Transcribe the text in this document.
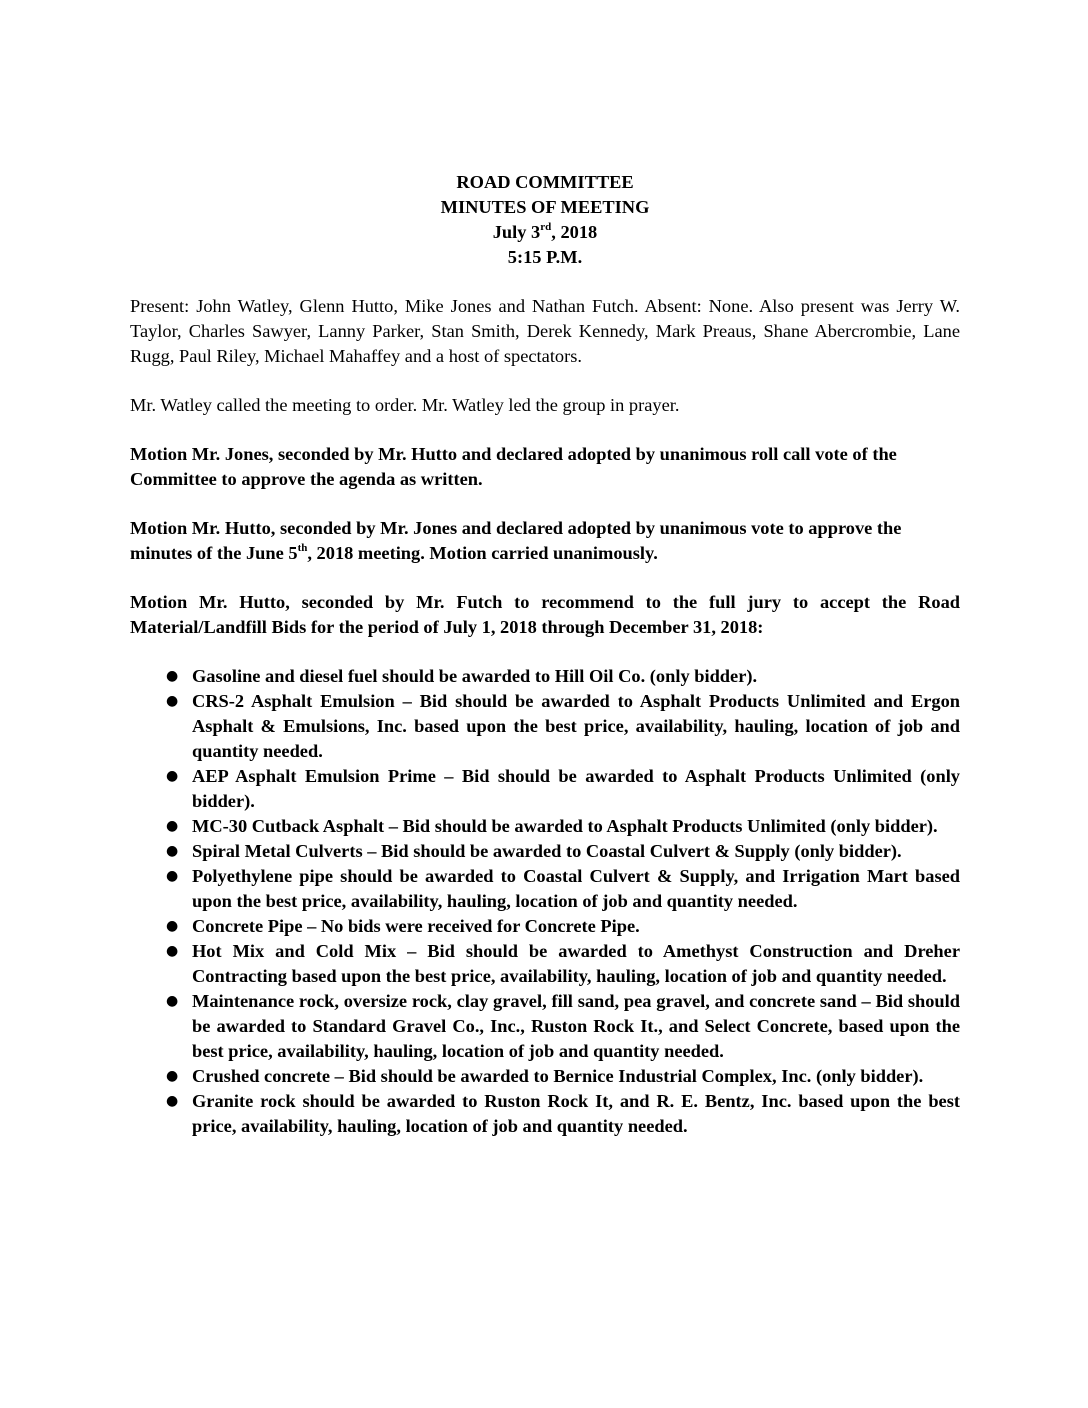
ROAD COMMITTEE
MINUTES OF MEETING
July 3rd, 2018
5:15 P.M.

Present: John Watley, Glenn Hutto, Mike Jones and Nathan Futch. Absent: None. Also present was Jerry W. Taylor, Charles Sawyer, Lanny Parker, Stan Smith, Derek Kennedy, Mark Preaus, Shane Abercrombie, Lane Rugg, Paul Riley, Michael Mahaffey and a host of spectators.

Mr. Watley called the meeting to order. Mr. Watley led the group in prayer.

Motion Mr. Jones, seconded by Mr. Hutto and declared adopted by unanimous roll call vote of the Committee to approve the agenda as written.

Motion Mr. Hutto, seconded by Mr. Jones and declared adopted by unanimous vote to approve the minutes of the June 5th, 2018 meeting. Motion carried unanimously.

Motion Mr. Hutto, seconded by Mr. Futch to recommend to the full jury to accept the Road Material/Landfill Bids for the period of July 1, 2018 through December 31, 2018:

● Gasoline and diesel fuel should be awarded to Hill Oil Co. (only bidder).
● CRS-2 Asphalt Emulsion – Bid should be awarded to Asphalt Products Unlimited and Ergon Asphalt & Emulsions, Inc. based upon the best price, availability, hauling, location of job and quantity needed.
● AEP Asphalt Emulsion Prime – Bid should be awarded to Asphalt Products Unlimited (only bidder).
● MC-30 Cutback Asphalt – Bid should be awarded to Asphalt Products Unlimited (only bidder).
● Spiral Metal Culverts – Bid should be awarded to Coastal Culvert & Supply (only bidder).
● Polyethylene pipe should be awarded to Coastal Culvert & Supply, and Irrigation Mart based upon the best price, availability, hauling, location of job and quantity needed.
● Concrete Pipe – No bids were received for Concrete Pipe.
● Hot Mix and Cold Mix – Bid should be awarded to Amethyst Construction and Dreher Contracting based upon the best price, availability, hauling, location of job and quantity needed.
● Maintenance rock, oversize rock, clay gravel, fill sand, pea gravel, and concrete sand – Bid should be awarded to Standard Gravel Co., Inc., Ruston Rock It., and Select Concrete, based upon the best price, availability, hauling, location of job and quantity needed.
● Crushed concrete – Bid should be awarded to Bernice Industrial Complex, Inc. (only bidder).
● Granite rock should be awarded to Ruston Rock It, and R. E. Bentz, Inc. based upon the best price, availability, hauling, location of job and quantity needed.
